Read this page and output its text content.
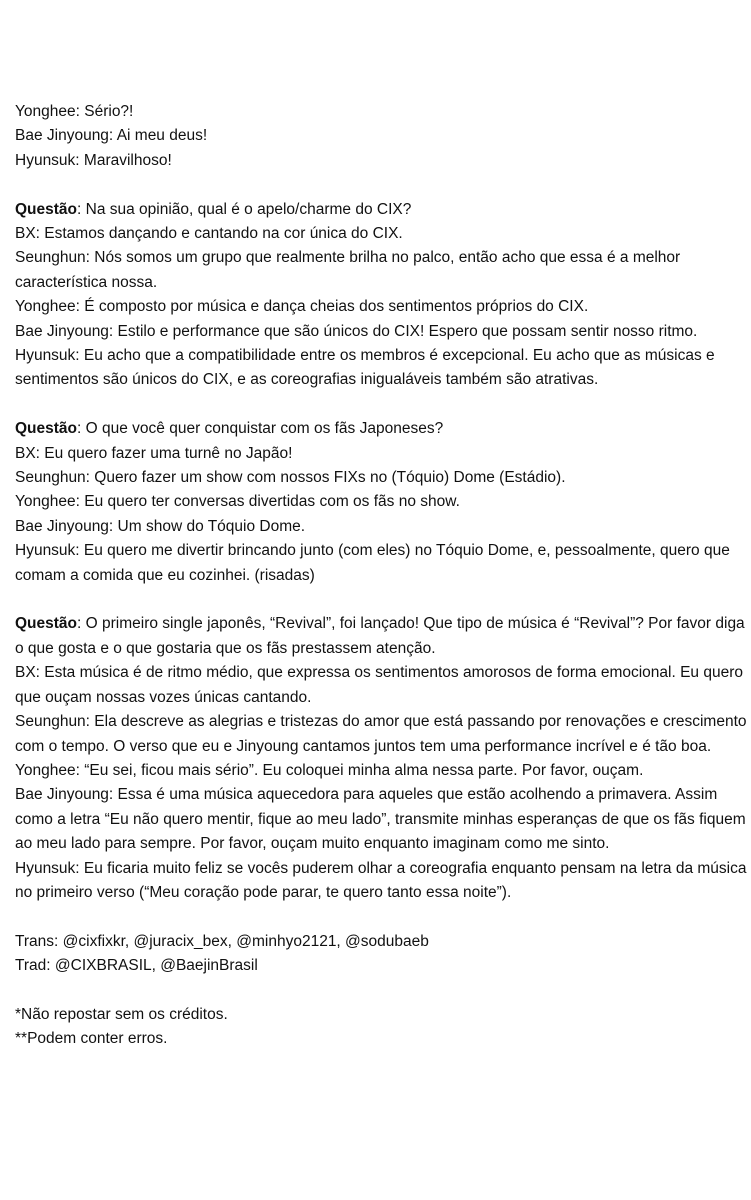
Yonghee: Sério?!
Bae Jinyoung: Ai meu deus!
Hyunsuk: Maravilhoso!
Questão: Na sua opinião, qual é o apelo/charme do CIX?
BX: Estamos dançando e cantando na cor única do CIX.
Seunghun: Nós somos um grupo que realmente brilha no palco, então acho que essa é a melhor característica nossa.
Yonghee: É composto por música e dança cheias dos sentimentos próprios do CIX.
Bae Jinyoung: Estilo e performance que são únicos do CIX! Espero que possam sentir nosso ritmo.
Hyunsuk: Eu acho que a compatibilidade entre os membros é excepcional. Eu acho que as músicas e sentimentos são únicos do CIX, e as coreografias inigualáveis também são atrativas.
Questão: O que você quer conquistar com os fãs Japoneses?
BX: Eu quero fazer uma turnê no Japão!
Seunghun: Quero fazer um show com nossos FIXs no (Tóquio) Dome (Estádio).
Yonghee: Eu quero ter conversas divertidas com os fãs no show.
Bae Jinyoung: Um show do Tóquio Dome.
Hyunsuk: Eu quero me divertir brincando junto (com eles) no Tóquio Dome, e, pessoalmente, quero que comam a comida que eu cozinhei. (risadas)
Questão: O primeiro single japonês, “Revival”, foi lançado! Que tipo de música é “Revival”? Por favor diga o que gosta e o que gostaria que os fãs prestassem atenção.
BX: Esta música é de ritmo médio, que expressa os sentimentos amorosos de forma emocional. Eu quero que ouçam nossas vozes únicas cantando.
Seunghun: Ela descreve as alegrias e tristezas do amor que está passando por renovações e crescimento com o tempo. O verso que eu e Jinyoung cantamos juntos tem uma performance incrível e é tão boa.
Yonghee: “Eu sei, ficou mais sério”. Eu coloquei minha alma nessa parte. Por favor, ouçam.
Bae Jinyoung: Essa é uma música aquecedora para aqueles que estão acolhendo a primavera. Assim como a letra “Eu não quero mentir, fique ao meu lado”, transmite minhas esperanças de que os fãs fiquem ao meu lado para sempre. Por favor, ouçam muito enquanto imaginam como me sinto.
Hyunsuk: Eu ficaria muito feliz se vocês puderem olhar a coreografia enquanto pensam na letra da música no primeiro verso (“Meu coração pode parar, te quero tanto essa noite”).
Trans: @cixfixkr, @juracix_bex, @minhyo2121, @sodubaeb
Trad: @CIXBRASIL, @BaejinBrasil
*Não repostar sem os créditos.
**Podem conter erros.
